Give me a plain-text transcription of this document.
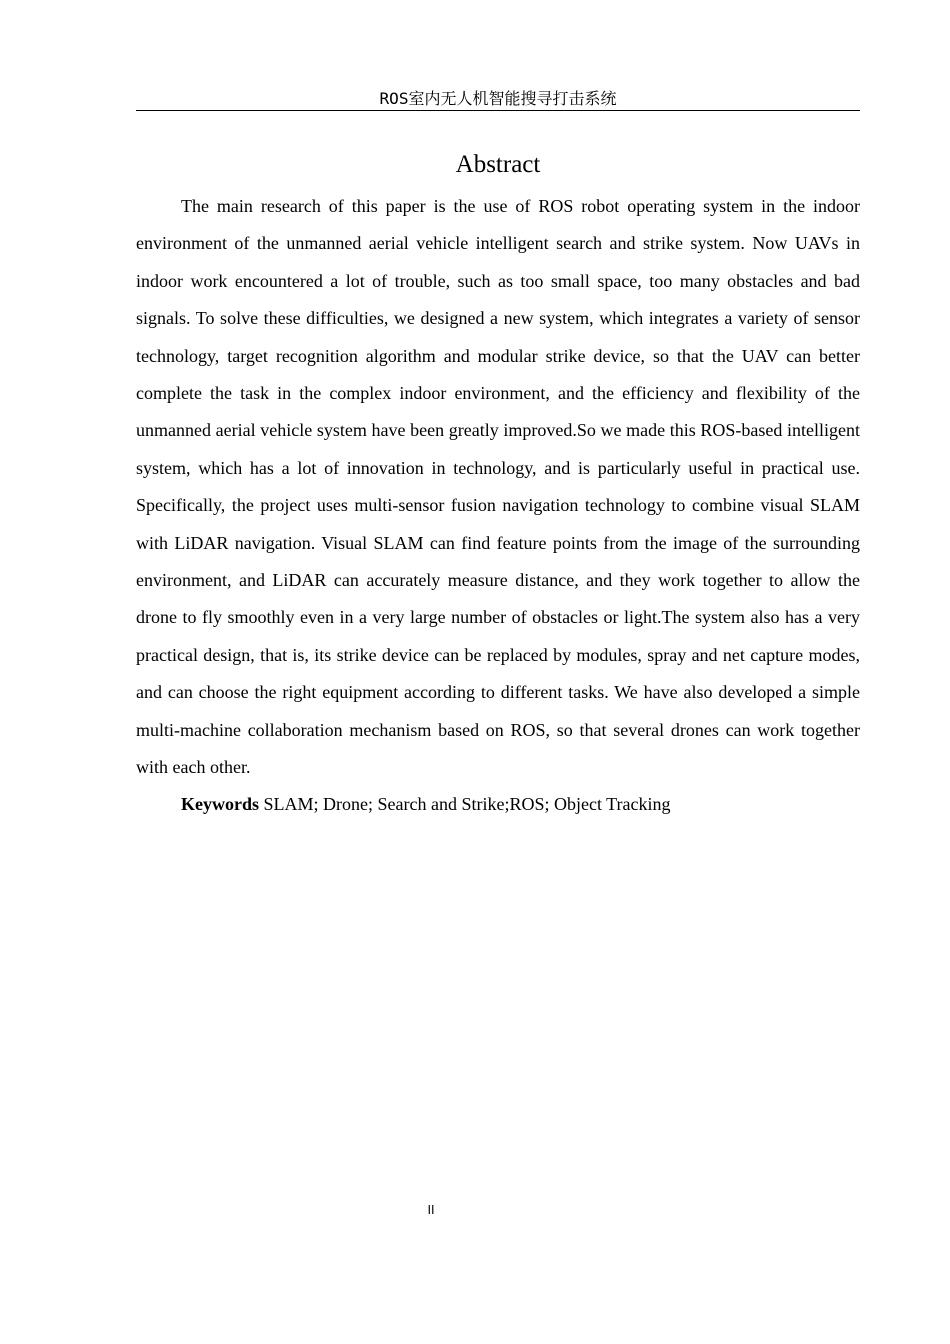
ROS室内无人机智能搜寻打击系统
Abstract

The main research of this paper is the use of ROS robot operating system in the indoor environment of the unmanned aerial vehicle intelligent search and strike system. Now UAVs in indoor work encountered a lot of trouble, such as too small space, too many obstacles and bad signals. To solve these difficulties, we designed a new system, which integrates a variety of sensor technology, target recognition algorithm and modular strike device, so that the UAV can better complete the task in the complex indoor environment, and the efficiency and flexibility of the unmanned aerial vehicle system have been greatly improved.So we made this ROS-based intelligent system, which has a lot of innovation in technology, and is particularly useful in practical use. Specifically, the project uses multi-sensor fusion navigation technology to combine visual SLAM with LiDAR navigation. Visual SLAM can find feature points from the image of the surrounding environment, and LiDAR can accurately measure distance, and they work together to allow the drone to fly smoothly even in a very large number of obstacles or light.The system also has a very practical design, that is, its strike device can be replaced by modules, spray and net capture modes, and can choose the right equipment according to different tasks. We have also developed a simple multi-machine collaboration mechanism based on ROS, so that several drones can work together with each other.

Keywords SLAM; Drone; Search and Strike;ROS; Object Tracking

II
